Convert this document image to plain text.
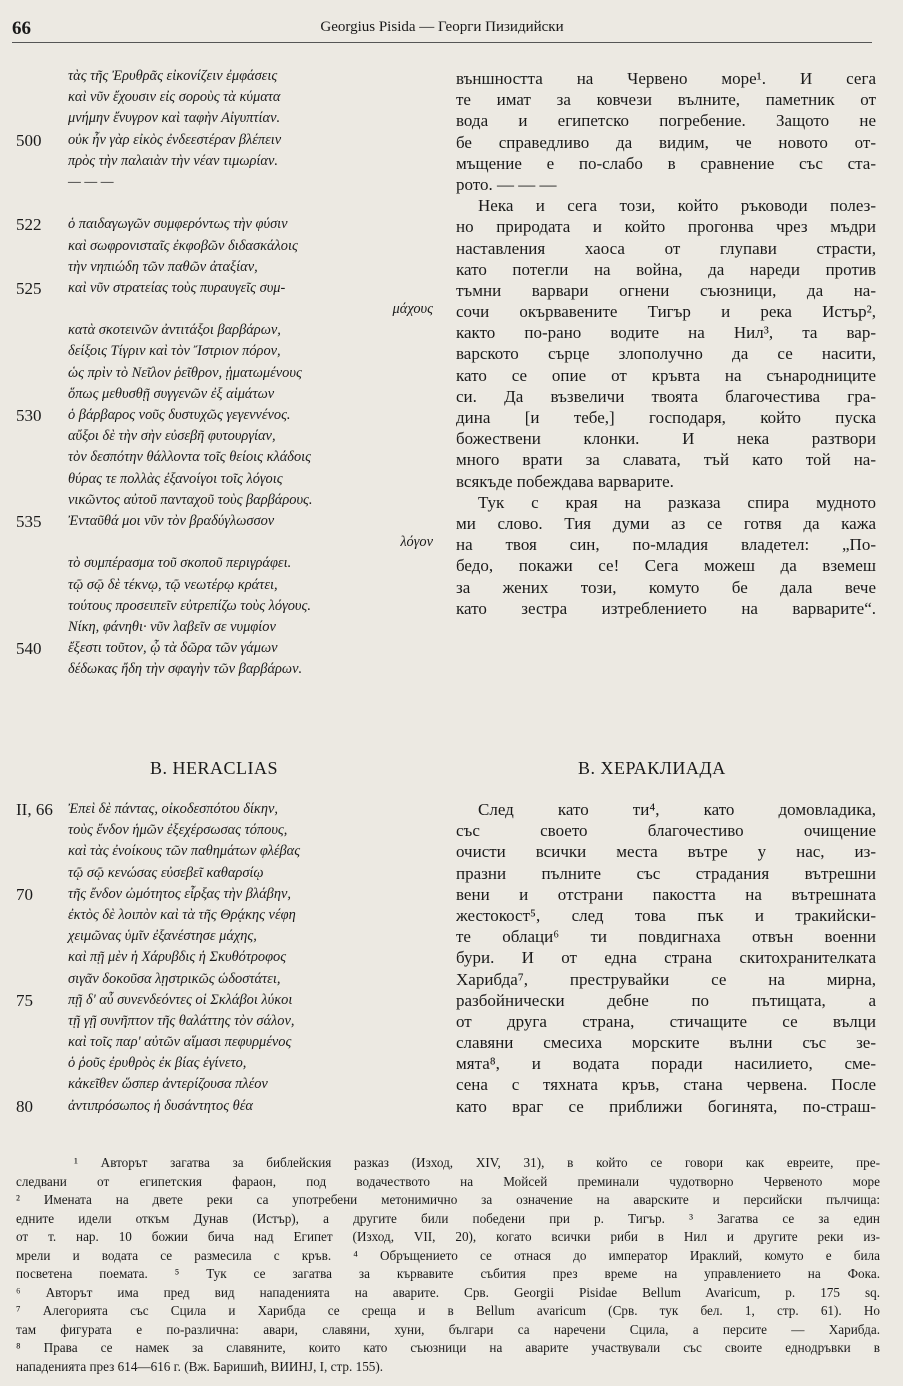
66	Georgius Pisida — Георги Пизидийски
τὰς τῆς Ἐρυθρᾶς εἰκονίζειν ἐμφάσεις
καὶ νῦν ἔχουσιν εἰς σοροὺς τὰ κύματα
μνήμην ἔνυγρον καὶ ταφὴν Αἰγυπτίαν.
500 οὐκ ἦν γὰρ εἰκὸς ἐνδεεστέραν βλέπειν
πρὸς τὴν παλαιὰν τὴν νέαν τιμωρίαν.
— — —
522 ὁ παιδαγωγῶν συμφερόντως τὴν φύσιν
καὶ σωφρονισταῖς ἐκφοβῶν διδασκάλοις
τὴν νηπιώδη τῶν παθῶν ἀταξίαν,
525 καὶ νῦν στρατείας τοὺς πυραυγεῖς συμ-
μάχους
κατὰ σκοτεινῶν ἀντιτάξοι βαρβάρων,
δείξοις Τίγριν καὶ τὸν Ἴστριον πόρον,
ὡς πρὶν τὸ Νεῖλον ῥεῖθρον, ᾑματωμένους
ὅπως μεθυσθῇ συγγενῶν ἐξ αἱμάτων
530 ὁ βάρβαρος νοῦς δυστυχῶς γεγεννένος.
αὔξοι δὲ τὴν σὴν εὐσεβῆ φυτουργίαν,
τὸν δεσπότην θάλλοντα τοῖς θείοις κλάδοις
θύρας τε πολλὰς ἐξανοίγοι τοῖς λόγοις
νικῶντος αὐτοῦ πανταχοῦ τοὺς βαρβάρους.
535 Ἐνταῦθά μοι νῦν τὸν βραδύγλωσσον
λόγον
τὸ συμπέρασμα τοῦ σκοποῦ περιγράφει.
τῷ σῷ δὲ τέκνῳ, τῷ νεωτέρῳ κράτει,
τούτους προσειπεῖν εὐτρεπίζω τοὺς λόγους.
Νίκη, φάνηθι· νῦν λαβεῖν σε νυμφίον
540 ἔξεστι τοῦτον, ᾧ τὰ δῶρα τῶν γάμων
δέδωκας ἤδη τὴν σφαγὴν τῶν βαρβάρων.
външността на Червено море¹. И сега
те имат за ковчези вълните, паметник от
вода и египетско погребение. Защото не
бе справедливо да видим, че новото от-
мъщение е по-слабо в сравнение със ста-
рото. — — —
Нека и сега този, който ръководи полез-
но природата и който прогонва чрез мъдри
наставления хаоса от глупави страсти,
като потегли на война, да нареди против
тъмни варвари огнени съюзници, да на-
сочи окървавените Тигър и река Истър²,
както по-рано водите на Нил³, та вар-
варското сърце злополучно да се насити,
като се опие от кръвта на сънародниците
си. Да възвеличи твоята благочестива гра-
дина [и тебе,] господаря, който пуска
божествени клонки. И нека разтвори
много врати за славата, тъй като той на-
всякъде побеждава варварите.
Тук с края на разказа спира мудното
ми слово. Тия думи аз се готвя да кажа
на твоя син, по-младия владетел: „По-
бедо, покажи се! Сега можеш да вземеш
за жених този, комуто бе дала вече
като зестра изтреблението на варварите“.
B. HERACLIAS	B. ХЕРАКЛИАДА
II, 66 Ἐπεὶ δὲ πάντας, οἰκοδεσπότου δίκην,
τοὺς ἔνδον ἡμῶν ἐξεχέρσωσας τόπους,
καὶ τὰς ἐνοίκους τῶν παθημάτων φλέβας
τῷ σῷ κενώσας εὐσεβεῖ καθαρσίῳ
70 τῆς ἔνδον ὠμότητος εἶρξας τὴν βλάβην,
ἐκτὸς δὲ λοιπὸν καὶ τὰ τῆς Θρᾴκης νέφη
χειμῶνας ὑμῖν ἐξανέστησε μάχης,
καὶ πῇ μὲν ἡ Χάρυβδις ἡ Σκυθότροφος
σιγᾶν δοκοῦσα λῃστρικῶς ὡδοστάτει,
75 πῇ δ' αὖ συνενδεόντες οἱ Σκλάβοι λύκοι
τῇ γῇ συνῆπτον τῆς θαλάττης τὸν σάλον,
καὶ τοῖς παρ' αὐτῶν αἵμασι πεφυρμένος
ὁ ῥοῦς ἐρυθρὸς ἐκ βίας ἐγίνετο,
κἀκεῖθεν ὥσπερ ἀντερίζουσα πλέον
80 ἀντιπρόσωπος ἡ δυσάντητος θέα
След като ти⁴, като домовладика,
със своето благочестиво очищение
очисти всички места вътре у нас, из-
празни пълните със страдания вътрешни
вени и отстрани пакостта на вътрешната
жестокост⁵, след това пък и тракийски-
те облаци⁶ ти повдигнаха отвън военни
бури. И от една страна скитохранителката
Харибда⁷, преструвайки се на мирна,
разбойнически дебне по пътищата, а
от друга страна, стичащите се вълци
славяни смесиха морските вълни със зе-
мята⁸, и водата поради насилието, сме-
сена с тяхната кръв, стана червена. После
като враг се приближи богинята, по-страш-
¹ Авторът загатва за библейския разказ (Изход, XIV, 31), в който се говори как евреите, пре-
следвани от египетския фараон, под водачеството на Мойсей преминали чудотворно Червеното море
² Имената на двете реки са употребени метонимично за означение на аварските и персийски пълчища:
едните идели откъм Дунав (Истър), а другите били победени при р. Тигър. ³ Загатва се за един
от т. нар. 10 божии бича над Египет (Изход, VII, 20), когато всички риби в Нил и другите реки из-
мрели и водата се размесила с кръв. ⁴ Обръщението се отнася до император Ираклий, комуто е била
посветена поемата. ⁵ Тук се загатва за кървавите събития през време на управлението на Фока.
⁶ Авторът има пред вид нападенията на аварите. Срв. Georgii Pisidae Bellum Avaricum, p. 175 sq.
⁷ Алегорията със Сцила и Харибда се среща и в Bellum avaricum (Срв. тук бел. 1, стр. 61). Но
там фигурата е по-различна: авари, славяни, хуни, българи са наречени Сцила, а персите — Харибда.
⁸ Права се намек за славяните, които като съюзници на аварите участвували със своите еднодръвки в
нападенията през 614—616 г. (Вж. Баришић, ВИИНЈ, I, стр. 155).
